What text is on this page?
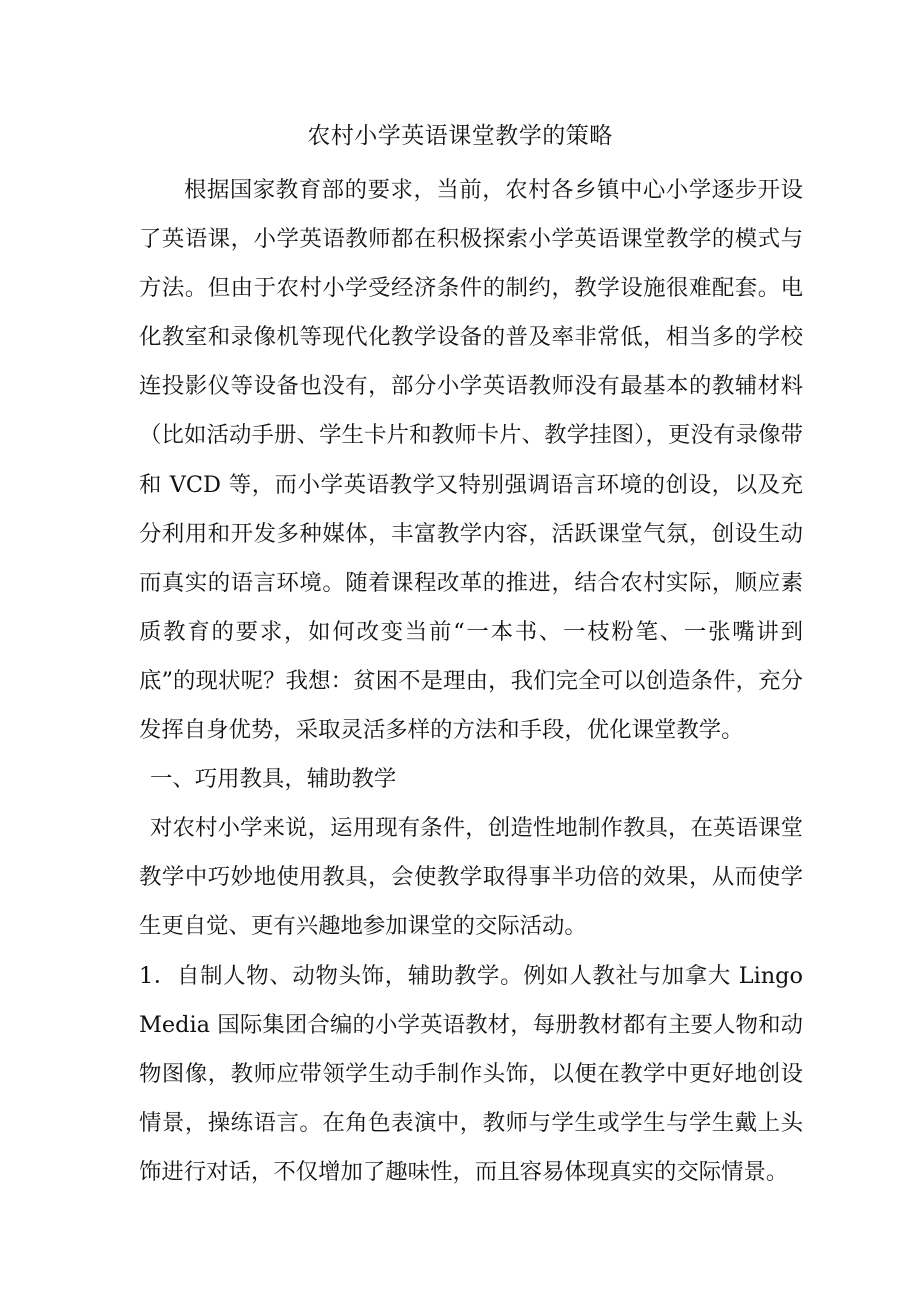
农村小学英语课堂教学的策略

根据国家教育部的要求，当前，农村各乡镇中心小学逐步开设了英语课，小学英语教师都在积极探索小学英语课堂教学的模式与方法。但由于农村小学受经济条件的制约，教学设施很难配套。电化教室和录像机等现代化教学设备的普及率非常低，相当多的学校连投影仪等设备也没有，部分小学英语教师没有最基本的教辅材料（比如活动手册、学生卡片和教师卡片、教学挂图），更没有录像带和 VCD 等，而小学英语教学又特别强调语言环境的创设，以及充分利用和开发多种媒体，丰富教学内容，活跃课堂气氛，创设生动而真实的语言环境。随着课程改革的推进，结合农村实际，顺应素质教育的要求，如何改变当前“一本书、一枝粉笔、一张嘴讲到底”的现状呢？我想：贫困不是理由，我们完全可以创造条件，充分发挥自身优势，采取灵活多样的方法和手段，优化课堂教学。

一、巧用教具，辅助教学

对农村小学来说，运用现有条件，创造性地制作教具，在英语课堂教学中巧妙地使用教具，会使教学取得事半功倍的效果，从而使学生更自觉、更有兴趣地参加课堂的交际活动。

1．自制人物、动物头饰，辅助教学。例如人教社与加拿大 Lingo Media 国际集团合编的小学英语教材，每册教材都有主要人物和动物图像，教师应带领学生动手制作头饰，以便在教学中更好地创设情景，操练语言。在角色表演中，教师与学生或学生与学生戴上头饰进行对话，不仅增加了趣味性，而且容易体现真实的交际情景。
